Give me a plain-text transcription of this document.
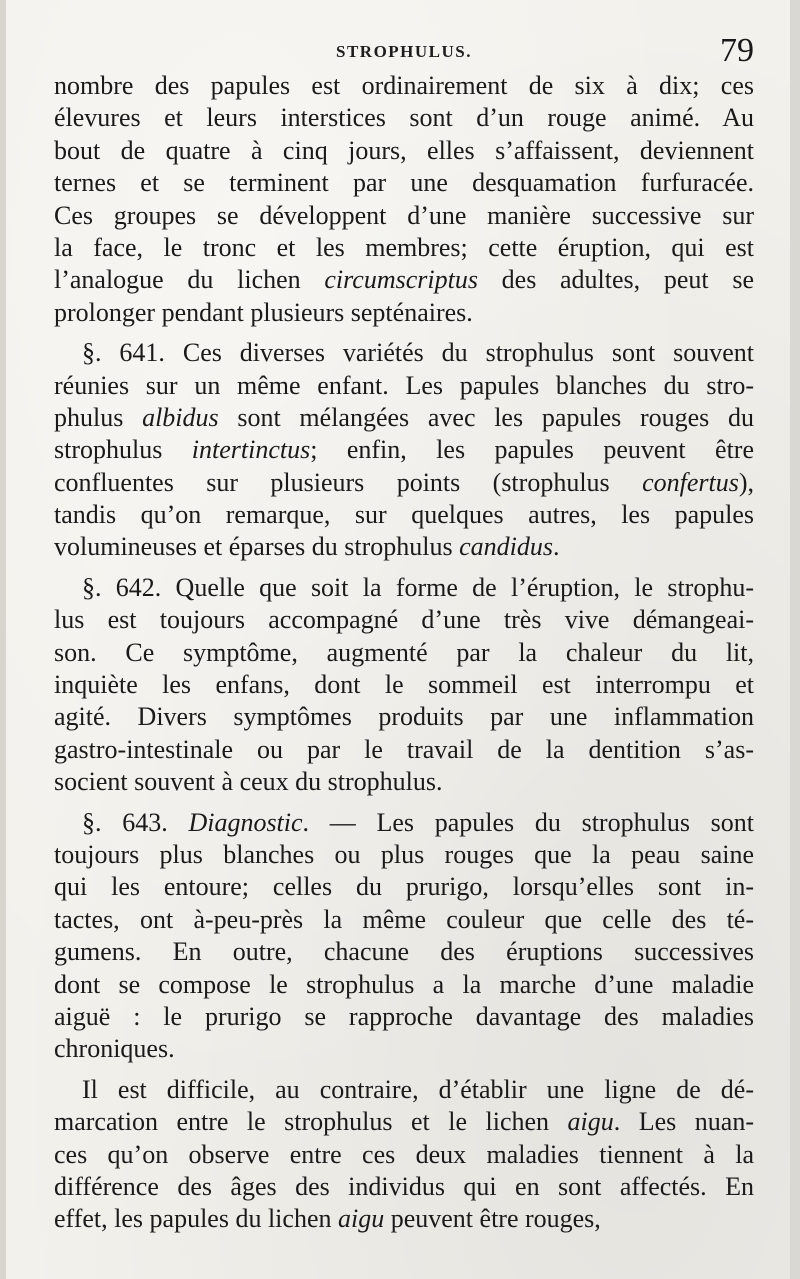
STROPHULUS.	79
nombre des papules est ordinairement de six à dix; ces
élevures et leurs interstices sont d’un rouge animé. Au
bout de quatre à cinq jours, elles s’affaissent, deviennent
ternes et se terminent par une desquamation furfuracée.
Ces groupes se développent d’une manière successive sur
la face, le tronc et les membres; cette éruption, qui est
l’analogue du lichen circumscriptus des adultes, peut se
prolonger pendant plusieurs septénaires.
§. 641. Ces diverses variétés du strophulus sont souvent
réunies sur un même enfant. Les papules blanches du stro-
phulus albidus sont mélangées avec les papules rouges du
strophulus intertinctus; enfin, les papules peuvent être
confluentes sur plusieurs points (strophulus confertus),
tandis qu’on remarque, sur quelques autres, les papules
volumineuses et éparses du strophulus candidus.
§. 642. Quelle que soit la forme de l’éruption, le strophu-
lus est toujours accompagné d’une très vive démangeai-
son. Ce symptôme, augmenté par la chaleur du lit,
inquiète les enfans, dont le sommeil est interrompu et
agité. Divers symptômes produits par une inflammation
gastro-intestinale ou par le travail de la dentition s’as-
socient souvent à ceux du strophulus.
§. 643. Diagnostic. — Les papules du strophulus sont
toujours plus blanches ou plus rouges que la peau saine
qui les entoure; celles du prurigo, lorsqu’elles sont in-
tactes, ont à-peu-près la même couleur que celle des té-
gumens. En outre, chacune des éruptions successives
dont se compose le strophulus a la marche d’une maladie
aiguë : le prurigo se rapproche davantage des maladies
chroniques.
Il est difficile, au contraire, d’établir une ligne de dé-
marcation entre le strophulus et le lichen aigu. Les nuan-
ces qu’on observe entre ces deux maladies tiennent à la
différence des âges des individus qui en sont affectés. En
effet, les papules du lichen aigu peuvent être rouges,
